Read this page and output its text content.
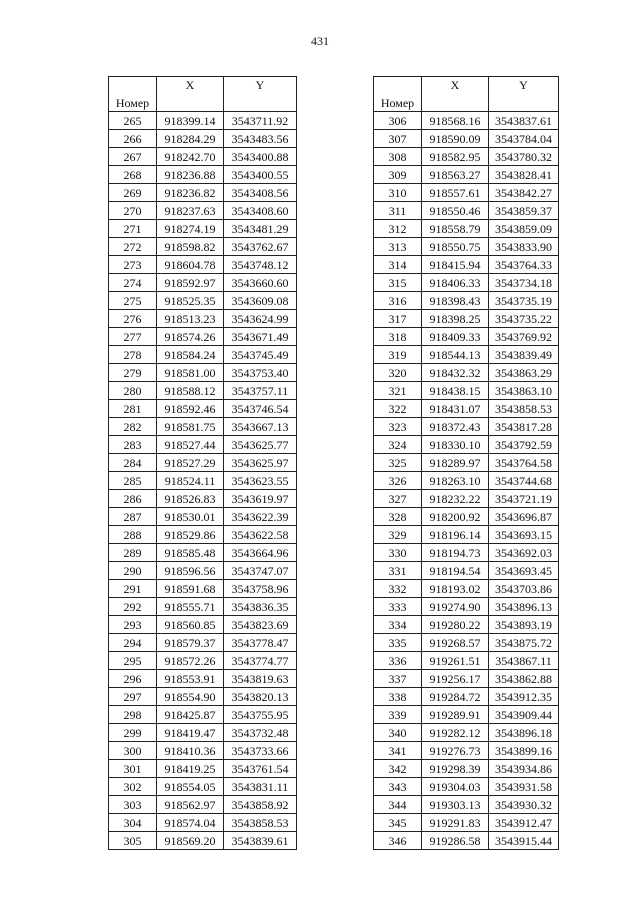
431
Номер	X	Y
265	918399.14	3543711.92
266	918284.29	3543483.56
267	918242.70	3543400.88
268	918236.88	3543400.55
269	918236.82	3543408.56
270	918237.63	3543408.60
271	918274.19	3543481.29
272	918598.82	3543762.67
273	918604.78	3543748.12
274	918592.97	3543660.60
275	918525.35	3543609.08
276	918513.23	3543624.99
277	918574.26	3543671.49
278	918584.24	3543745.49
279	918581.00	3543753.40
280	918588.12	3543757.11
281	918592.46	3543746.54
282	918581.75	3543667.13
283	918527.44	3543625.77
284	918527.29	3543625.97
285	918524.11	3543623.55
286	918526.83	3543619.97
287	918530.01	3543622.39
288	918529.86	3543622.58
289	918585.48	3543664.96
290	918596.56	3543747.07
291	918591.68	3543758.96
292	918555.71	3543836.35
293	918560.85	3543823.69
294	918579.37	3543778.47
295	918572.26	3543774.77
296	918553.91	3543819.63
297	918554.90	3543820.13
298	918425.87	3543755.95
299	918419.47	3543732.48
300	918410.36	3543733.66
301	918419.25	3543761.54
302	918554.05	3543831.11
303	918562.97	3543858.92
304	918574.04	3543858.53
305	918569.20	3543839.61
Номер	X	Y
306	918568.16	3543837.61
307	918590.09	3543784.04
308	918582.95	3543780.32
309	918563.27	3543828.41
310	918557.61	3543842.27
311	918550.46	3543859.37
312	918558.79	3543859.09
313	918550.75	3543833.90
314	918415.94	3543764.33
315	918406.33	3543734.18
316	918398.43	3543735.19
317	918398.25	3543735.22
318	918409.33	3543769.92
319	918544.13	3543839.49
320	918432.32	3543863.29
321	918438.15	3543863.10
322	918431.07	3543858.53
323	918372.43	3543817.28
324	918330.10	3543792.59
325	918289.97	3543764.58
326	918263.10	3543744.68
327	918232.22	3543721.19
328	918200.92	3543696.87
329	918196.14	3543693.15
330	918194.73	3543692.03
331	918194.54	3543693.45
332	918193.02	3543703.86
333	919274.90	3543896.13
334	919280.22	3543893.19
335	919268.57	3543875.72
336	919261.51	3543867.11
337	919256.17	3543862.88
338	919284.72	3543912.35
339	919289.91	3543909.44
340	919282.12	3543896.18
341	919276.73	3543899.16
342	919298.39	3543934.86
343	919304.03	3543931.58
344	919303.13	3543930.32
345	919291.83	3543912.47
346	919286.58	3543915.44
